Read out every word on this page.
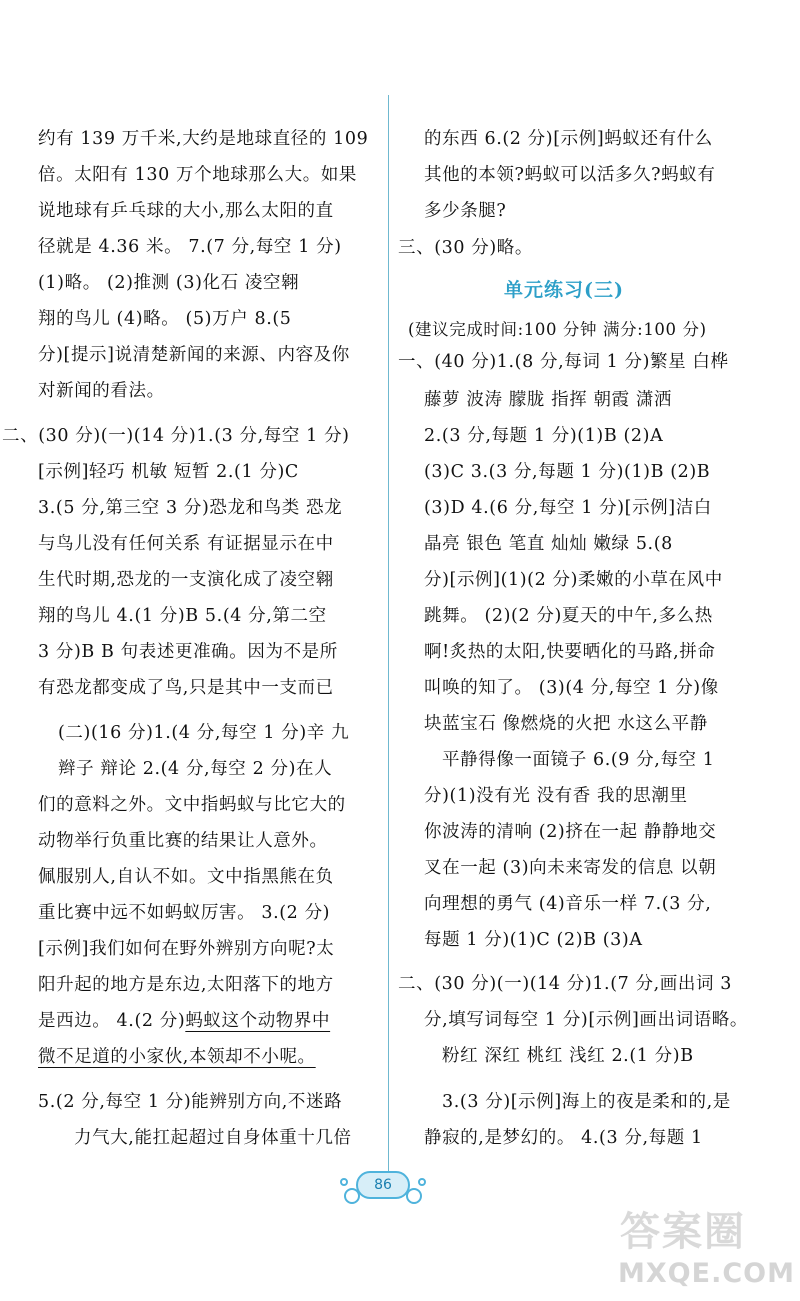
约有 139 万千米,大约是地球直径的 109
倍。太阳有 130 万个地球那么大。如果
说地球有乒乓球的大小,那么太阳的直
径就是 4.36 米。 7.(7 分,每空 1 分)
(1)略。 (2)推测 (3)化石 凌空翱
翔的鸟儿 (4)略。 (5)万户 8.(5
分)[提示]说清楚新闻的来源、内容及你
对新闻的看法。
二、(30 分)(一)(14 分)1.(3 分,每空 1 分)
[示例]轻巧 机敏 短暂 2.(1 分)C
3.(5 分,第三空 3 分)恐龙和鸟类 恐龙
与鸟儿没有任何关系 有证据显示在中
生代时期,恐龙的一支演化成了凌空翱
翔的鸟儿 4.(1 分)B 5.(4 分,第二空
3 分)B B 句表述更准确。因为不是所
有恐龙都变成了鸟,只是其中一支而已
(二)(16 分)1.(4 分,每空 1 分)辛 九
辫子 辩论 2.(4 分,每空 2 分)在人
们的意料之外。文中指蚂蚁与比它大的
动物举行负重比赛的结果让人意外。
佩服别人,自认不如。文中指黑熊在负
重比赛中远不如蚂蚁厉害。 3.(2 分)
[示例]我们如何在野外辨别方向呢?太
阳升起的地方是东边,太阳落下的地方
是西边。 4.(2 分)蚂蚁这个动物界中
微不足道的小家伙,本领却不小呢。
5.(2 分,每空 1 分)能辨别方向,不迷路
力气大,能扛起超过自身体重十几倍
的东西 6.(2 分)[示例]蚂蚁还有什么
其他的本领?蚂蚁可以活多久?蚂蚁有
多少条腿?
三、(30 分)略。
单元练习(三)
(建议完成时间:100 分钟 满分:100 分)
一、(40 分)1.(8 分,每词 1 分)繁星 白桦
藤萝 波涛 朦胧 指挥 朝霞 潇洒
2.(3 分,每题 1 分)(1)B (2)A
(3)C 3.(3 分,每题 1 分)(1)B (2)B
(3)D 4.(6 分,每空 1 分)[示例]洁白
晶亮 银色 笔直 灿灿 嫩绿 5.(8
分)[示例](1)(2 分)柔嫩的小草在风中
跳舞。 (2)(2 分)夏天的中午,多么热
啊!炙热的太阳,快要晒化的马路,拼命
叫唤的知了。 (3)(4 分,每空 1 分)像
块蓝宝石 像燃烧的火把 水这么平静
平静得像一面镜子 6.(9 分,每空 1
分)(1)没有光 没有香 我的思潮里
你波涛的清响 (2)挤在一起 静静地交
叉在一起 (3)向未来寄发的信息 以朝
向理想的勇气 (4)音乐一样 7.(3 分,
每题 1 分)(1)C (2)B (3)A
二、(30 分)(一)(14 分)1.(7 分,画出词 3
分,填写词每空 1 分)[示例]画出词语略。
粉红 深红 桃红 浅红 2.(1 分)B
3.(3 分)[示例]海上的夜是柔和的,是
静寂的,是梦幻的。 4.(3 分,每题 1
86
答案圈
MXQE.COM
